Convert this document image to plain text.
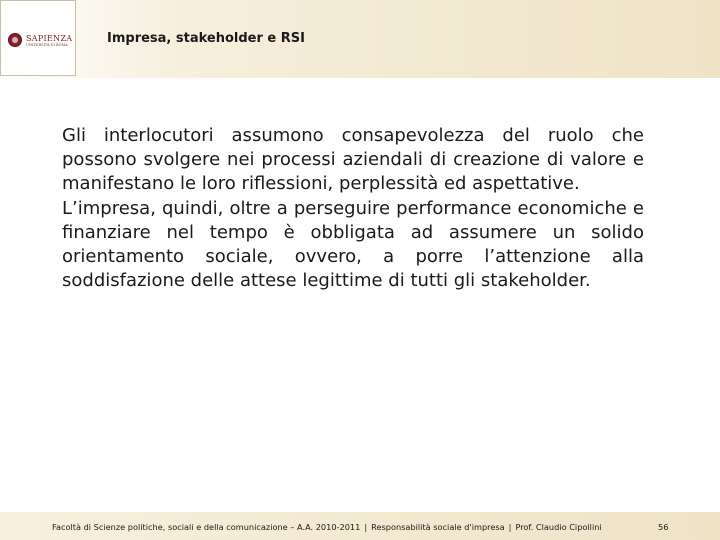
SAPIENZA
UNIVERSITÀ DI ROMA	Impresa, stakeholder e RSI

Gli interlocutori assumono consapevolezza del ruolo che possono svolgere nei processi aziendali di creazione di valore e manifestano le loro riflessioni, perplessità ed aspettative.

L’impresa, quindi, oltre a perseguire performance economiche e finanziare nel tempo è obbligata ad assumere un solido orientamento sociale, ovvero, a porre l’attenzione alla soddisfazione delle attese legittime di tutti gli stakeholder.

Facoltà di Scienze politiche, sociali e della comunicazione – A.A. 2010-2011 | Responsabilità sociale d'impresa | Prof. Claudio Cipollini	56
